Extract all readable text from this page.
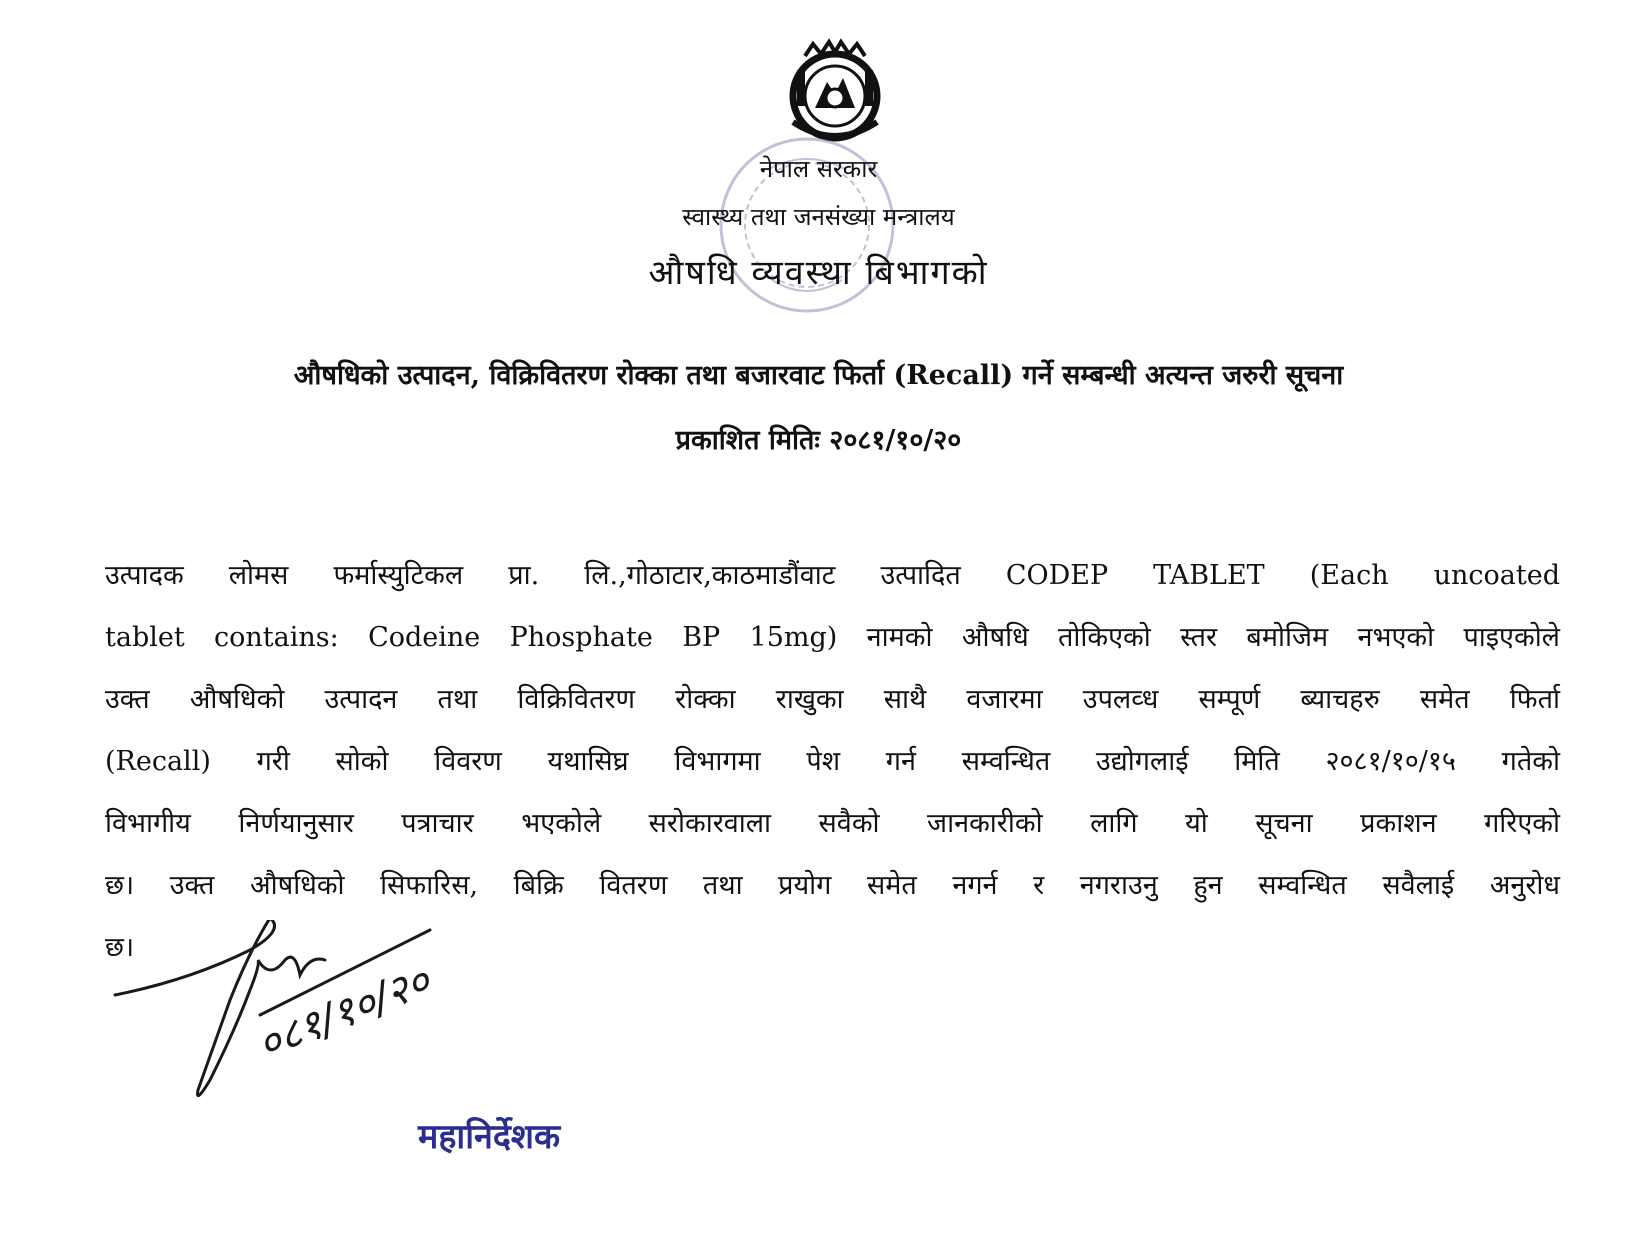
नेपाल सरकार
स्वास्थ्य तथा जनसंख्या मन्त्रालय
औषधि व्यवस्था बिभागको
औषधिको उत्पादन, विक्रिवितरण रोक्का तथा बजारवाट फिर्ता (Recall) गर्ने सम्बन्धी अत्यन्त जरुरी सूचना
प्रकाशित मितिः २०८१/१०/२०
उत्पादक लोमस फर्मास्युटिकल प्रा. लि.,गोठाटार,काठमाडौंवाट उत्पादित CODEP TABLET (Each uncoated
tablet contains: Codeine Phosphate BP 15mg) नामको औषधि तोकिएको स्तर बमोजिम नभएको पाइएकोले
उक्त औषधिको उत्पादन तथा विक्रिवितरण रोक्का राखुका साथै वजारमा उपलव्ध सम्पूर्ण ब्याचहरु समेत फिर्ता
(Recall) गरी सोको विवरण यथासिघ्र विभागमा पेश गर्न सम्वन्धित उद्योगलाई मिति २०८१/१०/१५ गतेको
विभागीय निर्णयानुसार पत्राचार भएकोले सरोकारवाला सवैको जानकारीको लागि यो सूचना प्रकाशन गरिएको
छ। उक्त औषधिको सिफारिस, बिक्रि वितरण तथा प्रयोग समेत नगर्न र नगराउनु हुन सम्वन्धित सवैलाई अनुरोध
छ।
०८१/१०/२०
महानिर्देशक
